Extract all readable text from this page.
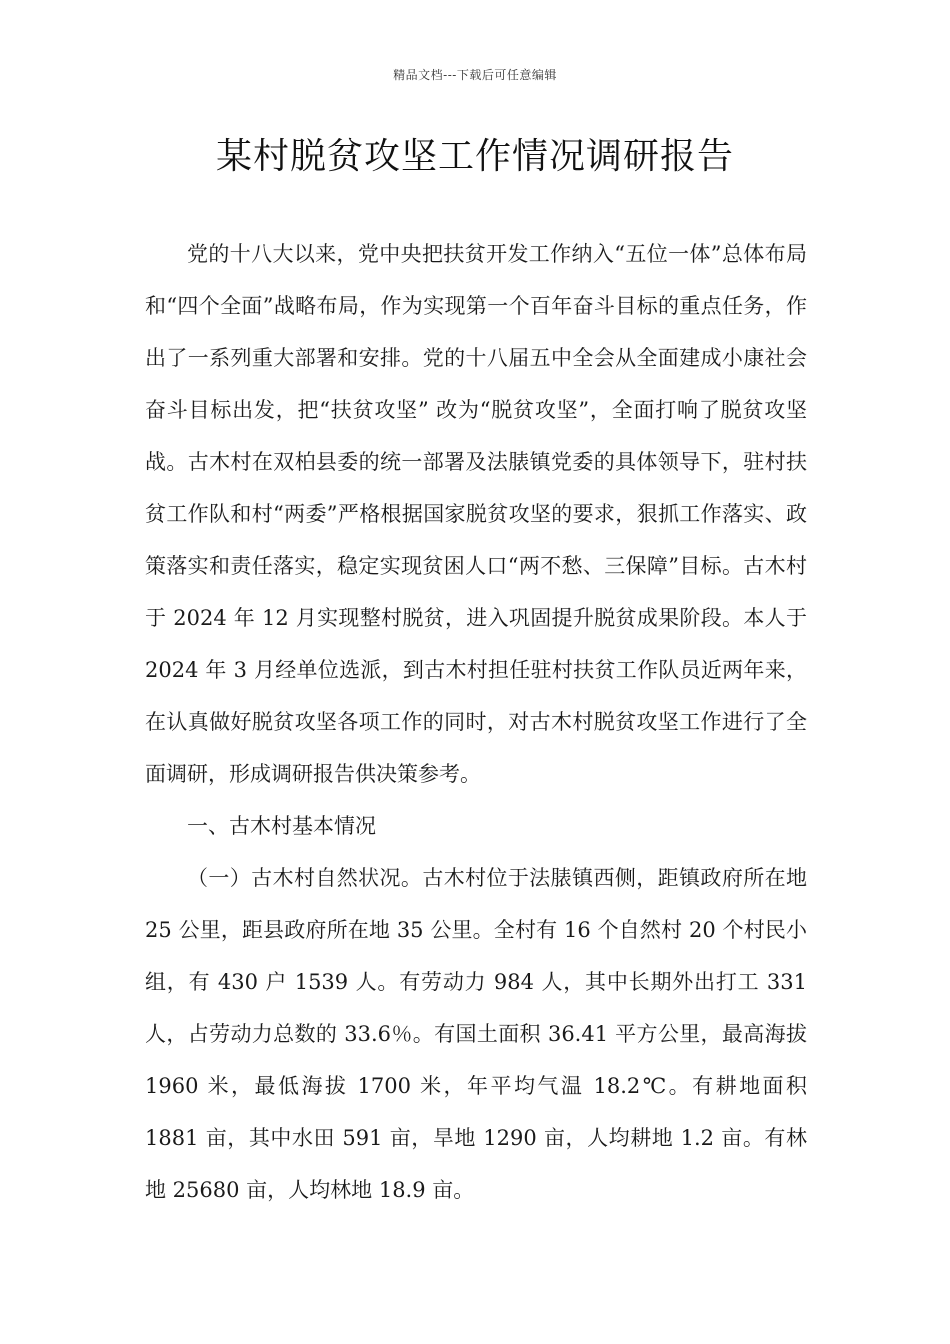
精品文档---下载后可任意编辑
某村脱贫攻坚工作情况调研报告

党的十八大以来，党中央把扶贫开发工作纳入“五位一体”总体布局和“四个全面”战略布局，作为实现第一个百年奋斗目标的重点任务，作出了一系列重大部署和安排。党的十八届五中全会从全面建成小康社会奋斗目标出发，把“扶贫攻坚” 改为“脱贫攻坚”，全面打响了脱贫攻坚战。古木村在双柏县委的统一部署及法脿镇党委的具体领导下，驻村扶贫工作队和村“两委”严格根据国家脱贫攻坚的要求，狠抓工作落实、政策落实和责任落实，稳定实现贫困人口“两不愁、三保障”目标。古木村于 2024 年 12 月实现整村脱贫，进入巩固提升脱贫成果阶段。本人于 2024 年 3 月经单位选派，到古木村担任驻村扶贫工作队员近两年来，在认真做好脱贫攻坚各项工作的同时，对古木村脱贫攻坚工作进行了全面调研，形成调研报告供决策参考。

一、古木村基本情况

（一）古木村自然状况。古木村位于法脿镇西侧，距镇政府所在地 25 公里，距县政府所在地 35 公里。全村有 16 个自然村 20 个村民小组，有 430 户 1539 人。有劳动力 984 人，其中长期外出打工 331 人，占劳动力总数的 33.6％。有国土面积 36.41 平方公里，最高海拔 1960 米，最低海拔 1700 米，年平均气温 18.2℃。有耕地面积 1881 亩，其中水田 591 亩，旱地 1290 亩，人均耕地 1.2 亩。有林地 25680 亩，人均林地 18.9 亩。
